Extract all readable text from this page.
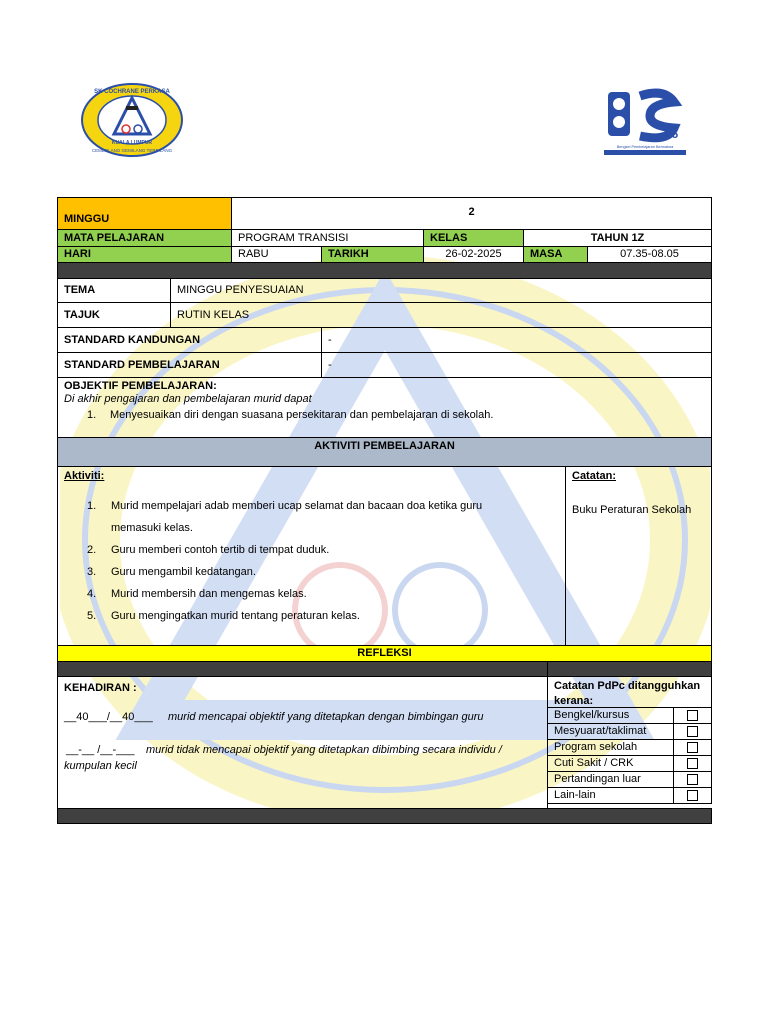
SK COCHRANE PERKASA
KUALA LUMPUR
CEMERLANG GEMILANG TERBILANG
25
Bengkel Pembelajaran Bermakna
MINGGU
2
MATA PELAJARAN	PROGRAM TRANSISI	KELAS	TAHUN 1Z
HARI	RABU	TARIKH	26-02-2025	MASA	07.35-08.05
TEMA	MINGGU PENYESUAIAN
TAJUK	RUTIN KELAS
STANDARD KANDUNGAN	-
STANDARD PEMBELAJARAN	-
OBJEKTIF PEMBELAJARAN:
Di akhir pengajaran dan pembelajaran murid dapat
1. Menyesuaikan diri dengan suasana persekitaran dan pembelajaran di sekolah.
AKTIVITI PEMBELAJARAN
Aktiviti:
1. Murid mempelajari adab memberi ucap selamat dan bacaan doa ketika guru
memasuki kelas.
2. Guru memberi contoh tertib di tempat duduk.
3. Guru mengambil kedatangan.
4. Murid membersih dan mengemas kelas.
5. Guru mengingatkan murid tentang peraturan kelas.
Catatan:
Buku Peraturan Sekolah
REFLEKSI
KEHADIRAN :
__40___/__40___ murid mencapai objektif yang ditetapkan dengan bimbingan guru
__-__ /__-___ murid tidak mencapai objektif yang ditetapkan dibimbing secara individu /
kumpulan kecil
Catatan PdPc ditangguhkan kerana:
Bengkel/kursus
Mesyuarat/taklimat
Program sekolah
Cuti Sakit / CRK
Pertandingan luar
Lain-lain
